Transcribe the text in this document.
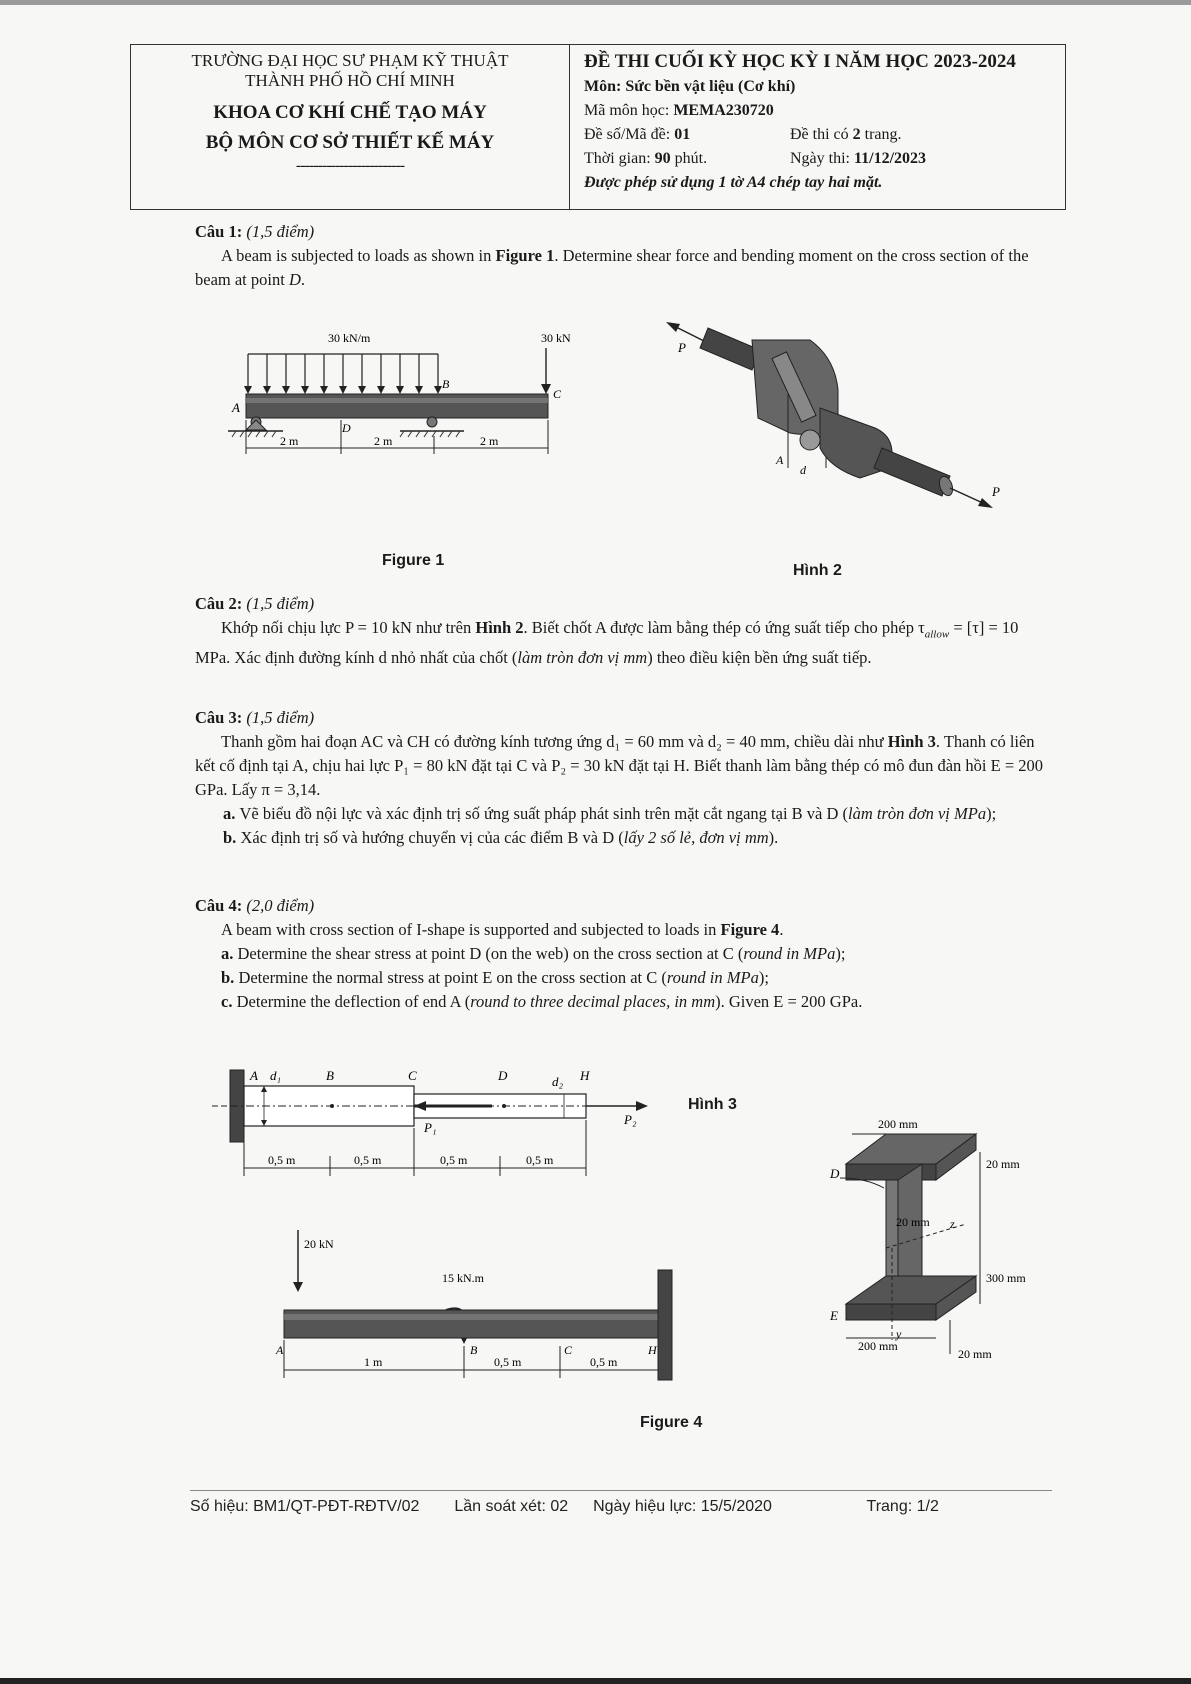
TRƯỜNG ĐẠI HỌC SƯ PHẠM KỸ THUẬT
THÀNH PHỐ HỒ CHÍ MINH
KHOA CƠ KHÍ CHẾ TẠO MÁY
BỘ MÔN CƠ SỞ THIẾT KẾ MÁY
-------------------------
ĐỀ THI CUỐI KỲ HỌC KỲ I NĂM HỌC 2023-2024
Môn: Sức bền vật liệu (Cơ khí)
Mã môn học: MEMA230720
Đề số/Mã đề: 01	Đề thi có 2 trang.
Thời gian: 90 phút.	Ngày thi: 11/12/2023
Được phép sử dụng 1 tờ A4 chép tay hai mặt.
Câu 1: (1,5 điểm)
A beam is subjected to loads as shown in Figure 1. Determine shear force and bending moment on the cross section of the beam at point D.
30 kN/m	30 kN
A
B
C
D
2 m	2 m	2 m
Figure 1
P
P
A
d
Hình 2
Câu 2: (1,5 điểm)
Khớp nối chịu lực P = 10 kN như trên Hình 2. Biết chốt A được làm bằng thép có ứng suất tiếp cho phép $\tau_{allow} = [\tau] = 10$ MPa. Xác định đường kính d nhỏ nhất của chốt (làm tròn đơn vị mm) theo điều kiện bền ứng suất tiếp.
Câu 3: (1,5 điểm)
Thanh gồm hai đoạn AC và CH có đường kính tương ứng d₁ = 60 mm và d₂ = 40 mm, chiều dài như Hình 3. Thanh có liên kết cố định tại A, chịu hai lực P₁ = 80 kN đặt tại C và P₂ = 30 kN đặt tại H. Biết thanh làm bằng thép có mô đun đàn hồi E = 200 GPa. Lấy π = 3,14.
a. Vẽ biểu đồ nội lực và xác định trị số ứng suất pháp phát sinh trên mặt cắt ngang tại B và D (làm tròn đơn vị MPa);
b. Xác định trị số và hướng chuyển vị của các điểm B và D (lấy 2 số lẻ, đơn vị mm).
Câu 4: (2,0 điểm)
A beam with cross section of I-shape is supported and subjected to loads in Figure 4.
a. Determine the shear stress at point D (on the web) on the cross section at C (round in MPa);
b. Determine the normal stress at point E on the cross section at C (round in MPa);
c. Determine the deflection of end A (round to three decimal places, in mm). Given E = 200 GPa.
A d₁	B	C	D	d₂ H
P₁
P₂
0,5 m	0,5 m	0,5 m	0,5 m
Hình 3
20 kN
15 kN.m
A	B	C	H
1 m	0,5 m	0,5 m
Figure 4
200 mm
z
y
D
E
20 mm
20 mm
300 mm
200 mm
20 mm
Số hiệu: BM1/QT-PĐT-RĐTV/02 Lần soát xét: 02 Ngày hiệu lực: 15/5/2020	Trang: 1/2
